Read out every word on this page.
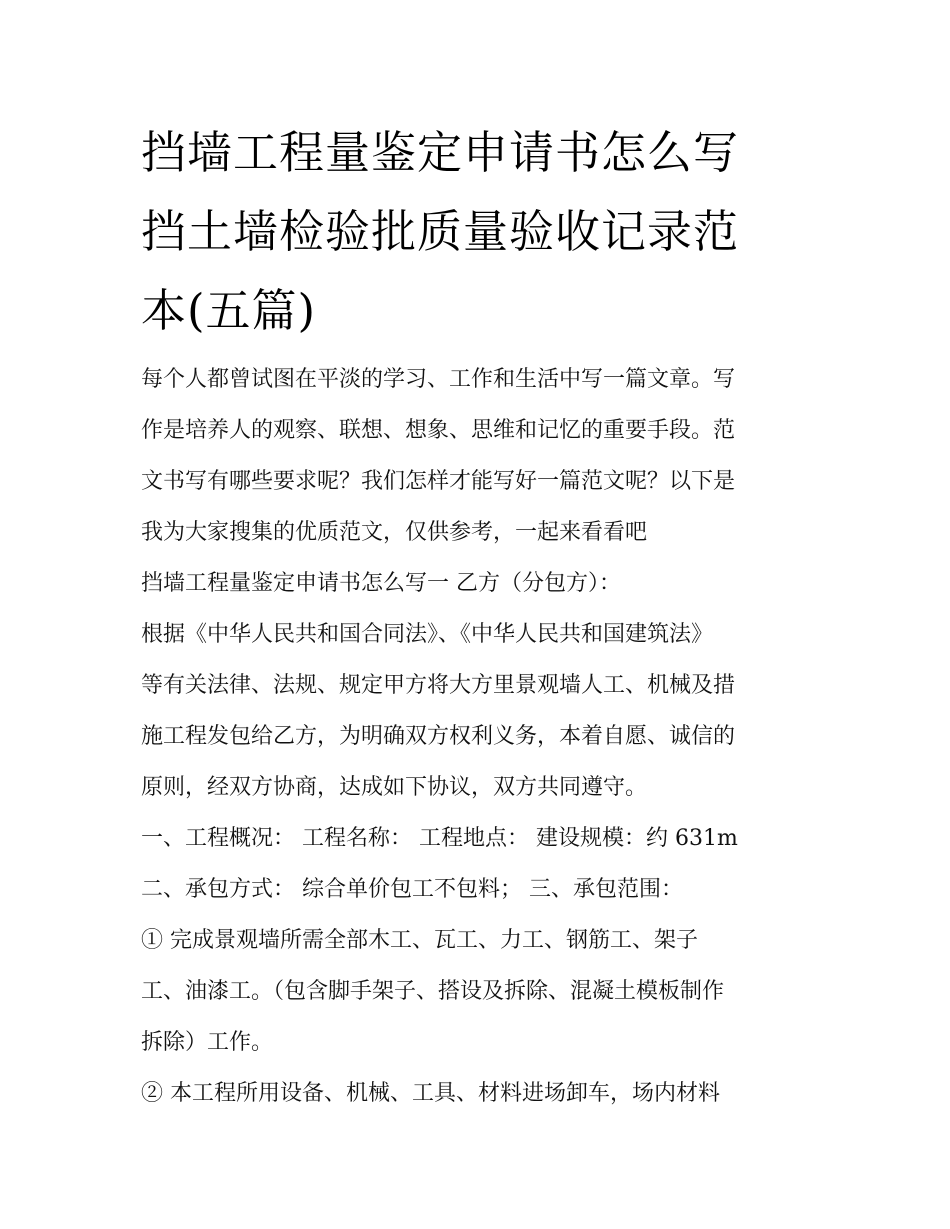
挡墙工程量鉴定申请书怎么写
挡土墙检验批质量验收记录范
本(五篇)
每个人都曾试图在平淡的学习、工作和生活中写一篇文章。写
作是培养人的观察、联想、想象、思维和记忆的重要手段。范
文书写有哪些要求呢？我们怎样才能写好一篇范文呢？以下是
我为大家搜集的优质范文，仅供参考，一起来看看吧
挡墙工程量鉴定申请书怎么写一 乙方（分包方）：
根据《中华人民共和国合同法》、《中华人民共和国建筑法》
等有关法律、法规、规定甲方将大方里景观墙人工、机械及措
施工程发包给乙方，为明确双方权利义务，本着自愿、诚信的
原则，经双方协商，达成如下协议，双方共同遵守。
一、工程概况： 工程名称： 工程地点： 建设规模：约 631m
二、承包方式： 综合单价包工不包料； 三、承包范围：
① 完成景观墙所需全部木工、瓦工、力工、钢筋工、架子
工、油漆工。（包含脚手架子、搭设及拆除、混凝土模板制作
拆除）工作。
② 本工程所用设备、机械、工具、材料进场卸车，场内材料
